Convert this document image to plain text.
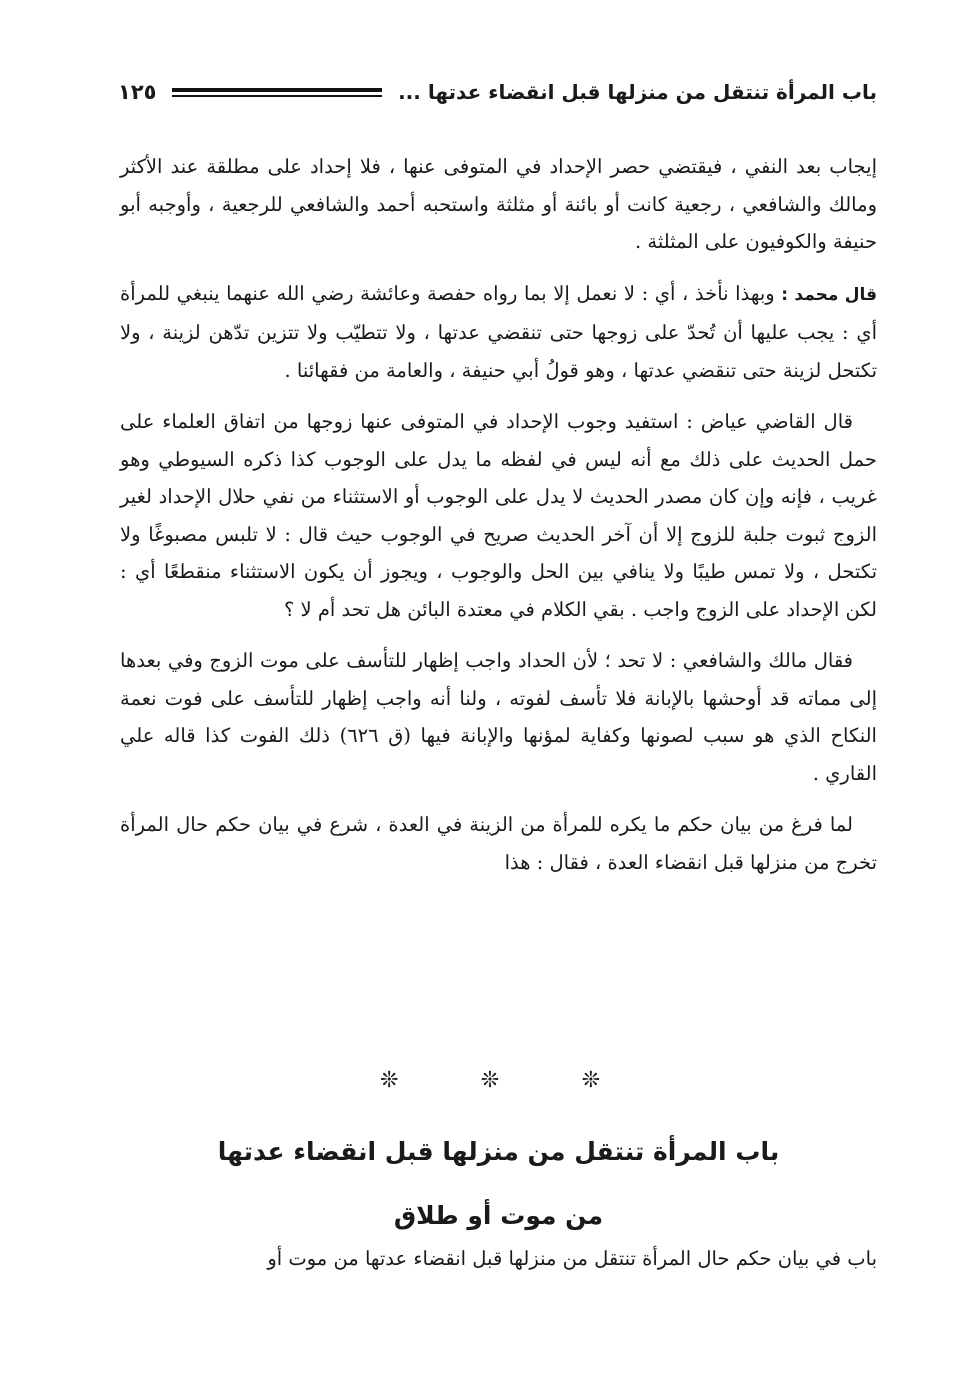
باب المرأة تنتقل من منزلها قبل انقضاء عدتها ...
١٢٥

إيجاب بعد النفي ، فيقتضي حصر الإحداد في المتوفى عنها ، فلا إحداد على مطلقة عند الأكثر ومالك والشافعي ، رجعية كانت أو بائنة أو مثلثة واستحبه أحمد والشافعي للرجعية ، وأوجبه أبو حنيفة والكوفيون على المثلثة .

قال محمد : وبهذا نأخذ ، أي : لا نعمل إلا بما رواه حفصة وعائشة رضي الله عنهما ينبغي للمرأة أي : يجب عليها أن تُحدّ على زوجها حتى تنقضي عدتها ، ولا تتطيّب ولا تتزين تدّهن لزينة ، ولا تكتحل لزينة حتى تنقضي عدتها ، وهو قولُ أبي حنيفة ، والعامة من فقهائنا .

قال القاضي عياض : استفيد وجوب الإحداد في المتوفى عنها زوجها من اتفاق العلماء على حمل الحديث على ذلك مع أنه ليس في لفظه ما يدل على الوجوب كذا ذكره السيوطي وهو غريب ، فإنه وإن كان مصدر الحديث لا يدل على الوجوب أو الاستثناء من نفي حلال الإحداد لغير الزوج ثبوت جلبة للزوج إلا أن آخر الحديث صريح في الوجوب حيث قال : لا تلبس مصبوغًا ولا تكتحل ، ولا تمس طيبًا ولا ينافي بين الحل والوجوب ، ويجوز أن يكون الاستثناء منقطعًا أي : لكن الإحداد على الزوج واجب . بقي الكلام في معتدة البائن هل تحد أم لا ؟

فقال مالك والشافعي : لا تحد ؛ لأن الحداد واجب إظهار للتأسف على موت الزوج وفي بعدها إلى مماته قد أوحشها بالإبانة فلا تأسف لفوته ، ولنا أنه واجب إظهار للتأسف على فوت نعمة النكاح الذي هو سبب لصونها وكفاية لمؤنها والإبانة فيها (ق ٦٢٦) ذلك الفوت كذا قاله علي القاري .

لما فرغ من بيان حكم ما يكره للمرأة من الزينة في العدة ، شرع في بيان حكم حال المرأة تخرج من منزلها قبل انقضاء العدة ، فقال : هذا

❊	❊	❊
باب المرأة تنتقل من منزلها قبل انقضاء عدتها
من موت أو طلاق
باب في بيان حكم حال المرأة تنتقل من منزلها قبل انقضاء عدتها من موت أو
